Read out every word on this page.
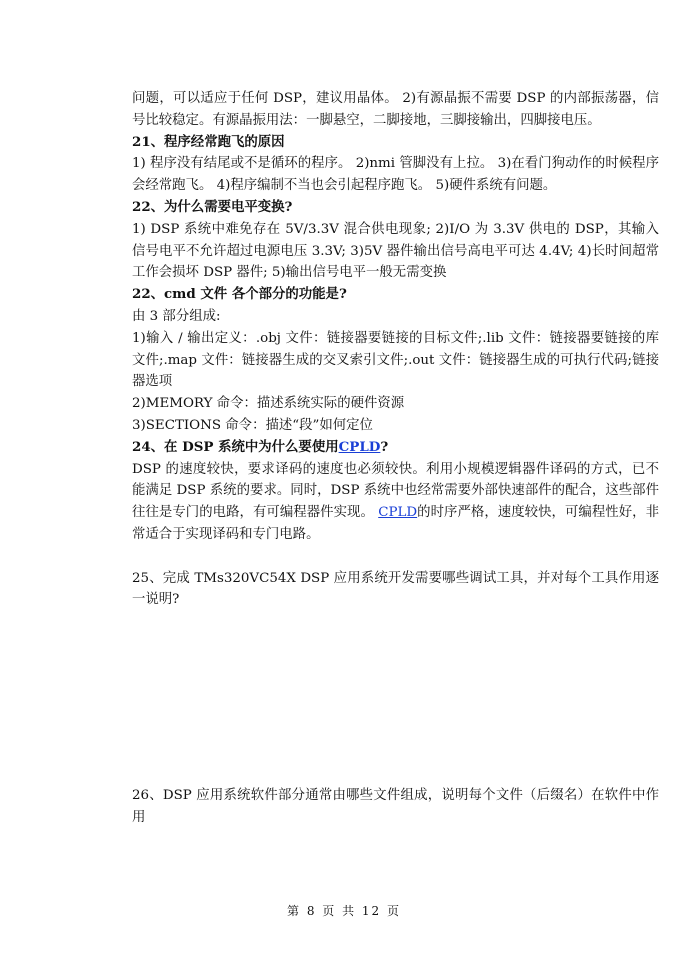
问题，可以适应于任何 DSP，建议用晶体。 2)有源晶振不需要 DSP 的内部振荡器，信号比较稳定。有源晶振用法：一脚悬空，二脚接地，三脚接输出，四脚接电压。

21、程序经常跑飞的原因

1) 程序没有结尾或不是循环的程序。 2)nmi 管脚没有上拉。 3)在看门狗动作的时候程序会经常跑飞。 4)程序编制不当也会引起程序跑飞。 5)硬件系统有问题。

22、为什么需要电平变换?

1) DSP 系统中难免存在 5V/3.3V 混合供电现象; 2)I/O 为 3.3V 供电的 DSP，其输入信号电平不允许超过电源电压 3.3V; 3)5V 器件输出信号高电平可达 4.4V; 4)长时间超常工作会损坏 DSP 器件; 5)输出信号电平一般无需变换

22、cmd 文件 各个部分的功能是?

由 3 部分组成:

1)输入 / 输出定义：.obj 文件：链接器要链接的目标文件;.lib 文件：链接器要链接的库文件;.map 文件：链接器生成的交叉索引文件;.out 文件：链接器生成的可执行代码;链接器选项

2)MEMORY 命令：描述系统实际的硬件资源

3)SECTIONS 命令：描述“段”如何定位

24、在 DSP 系统中为什么要使用CPLD?

DSP 的速度较快，要求译码的速度也必须较快。利用小规模逻辑器件译码的方式，已不能满足 DSP 系统的要求。同时，DSP 系统中也经常需要外部快速部件的配合，这些部件往往是专门的电路，有可编程器件实现。 CPLD的时序严格，速度较快，可编程性好，非常适合于实现译码和专门电路。

25、完成 TMs320VC54X DSP 应用系统开发需要哪些调试工具，并对每个工具作用逐一说明?

26、DSP 应用系统软件部分通常由哪些文件组成，说明每个文件（后缀名）在软件中作用

第 8 页 共 12 页
